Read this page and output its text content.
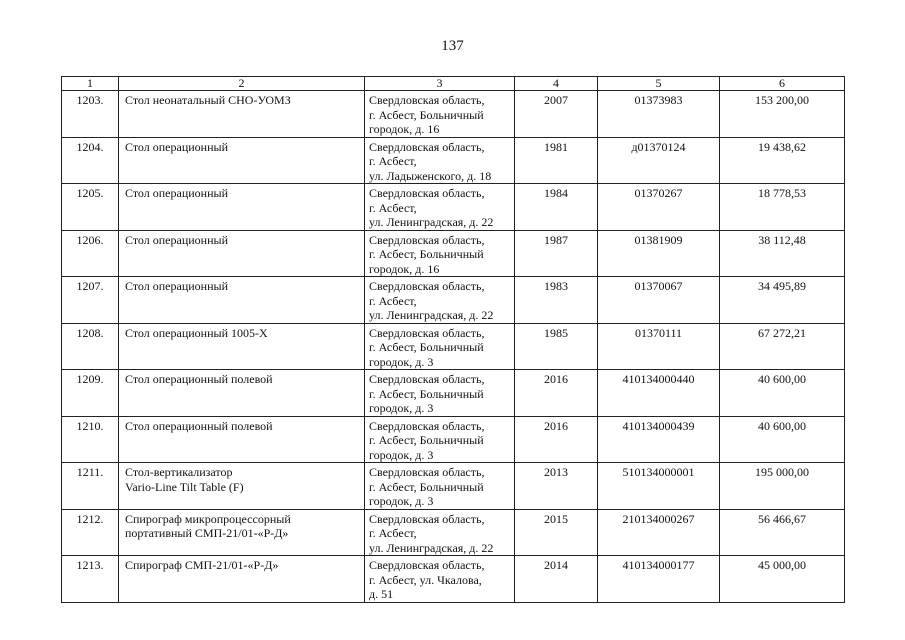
137
1	2	3	4	5	6
1203.	Стол неонатальный СНО-УОМЗ	Свердловская область,
г. Асбест, Больничный
городок, д. 16	2007	01373983	153 200,00
1204.	Стол операционный	Свердловская область,
г. Асбест,
ул. Ладыженского, д. 18	1981	д01370124	19 438,62
1205.	Стол операционный	Свердловская область,
г. Асбест,
ул. Ленинградская, д. 22	1984	01370267	18 778,53
1206.	Стол операционный	Свердловская область,
г. Асбест, Больничный
городок, д. 16	1987	01381909	38 112,48
1207.	Стол операционный	Свердловская область,
г. Асбест,
ул. Ленинградская, д. 22	1983	01370067	34 495,89
1208.	Стол операционный 1005-Х	Свердловская область,
г. Асбест, Больничный
городок, д. 3	1985	01370111	67 272,21
1209.	Стол операционный полевой	Свердловская область,
г. Асбест, Больничный
городок, д. 3	2016	410134000440	40 600,00
1210.	Стол операционный полевой	Свердловская область,
г. Асбест, Больничный
городок, д. 3	2016	410134000439	40 600,00
1211.	Стол-вертикализатор
Vario-Line Tilt Table (F)	Свердловская область,
г. Асбест, Больничный
городок, д. 3	2013	510134000001	195 000,00
1212.	Спирограф микропроцессорный
портативный СМП-21/01-«Р-Д»	Свердловская область,
г. Асбест,
ул. Ленинградская, д. 22	2015	210134000267	56 466,67
1213.	Спирограф СМП-21/01-«Р-Д»	Свердловская область,
г. Асбест, ул. Чкалова,
д. 51	2014	410134000177	45 000,00
